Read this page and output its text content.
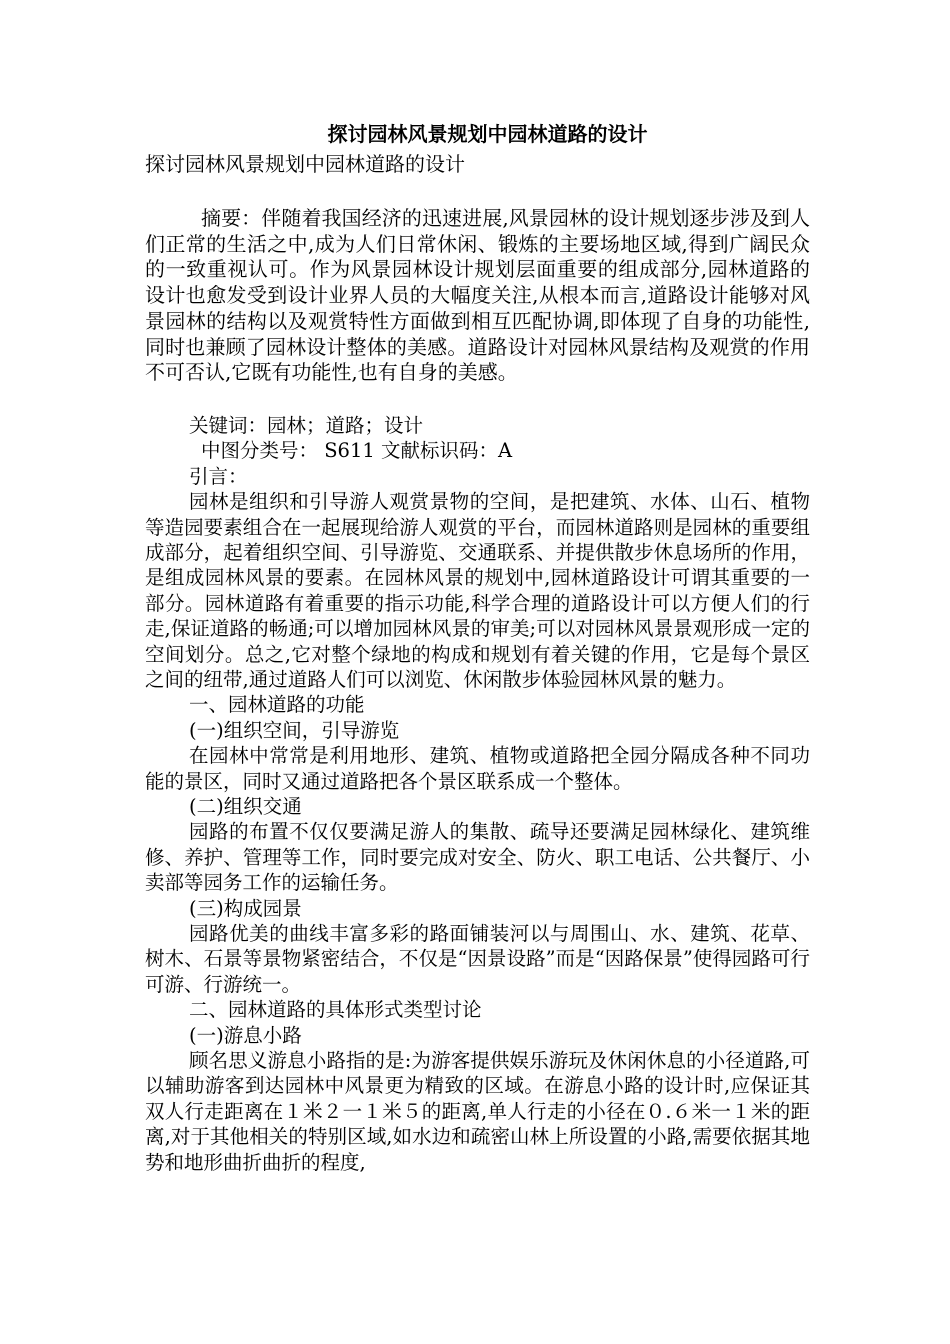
探讨园林风景规划中园林道路的设计

探讨园林风景规划中园林道路的设计

摘要：伴随着我国经济的迅速进展,风景园林的设计规划逐步涉及到人们正常的生活之中,成为人们日常休闲、锻炼的主要场地区域,得到广阔民众的一致重视认可。作为风景园林设计规划层面重要的组成部分,园林道路的设计也愈发受到设计业界人员的大幅度关注,从根本而言,道路设计能够对风景园林的结构以及观赏特性方面做到相互匹配协调,即体现了自身的功能性,同时也兼顾了园林设计整体的美感。道路设计对园林风景结构及观赏的作用不可否认,它既有功能性,也有自身的美感。

关键词：园林；道路；设计

中图分类号： S611 文献标识码：A

引言：

园林是组织和引导游人观赏景物的空间，是把建筑、水体、山石、植物等造园要素组合在一起展现给游人观赏的平台，而园林道路则是园林的重要组成部分，起着组织空间、引导游览、交通联系、并提供散步休息场所的作用，是组成园林风景的要素。在园林风景的规划中,园林道路设计可谓其重要的一部分。园林道路有着重要的指示功能,科学合理的道路设计可以方便人们的行走,保证道路的畅通;可以增加园林风景的审美;可以对园林风景景观形成一定的空间划分。总之,它对整个绿地的构成和规划有着关键的作用，它是每个景区之间的纽带,通过道路人们可以浏览、休闲散步体验园林风景的魅力。

一、园林道路的功能

(一)组织空间，引导游览

在园林中常常是利用地形、建筑、植物或道路把全园分隔成各种不同功能的景区，同时又通过道路把各个景区联系成一个整体。

(二)组织交通

园路的布置不仅仅要满足游人的集散、疏导还要满足园林绿化、建筑维修、养护、管理等工作，同时要完成对安全、防火、职工电话、公共餐厅、小卖部等园务工作的运输任务。

(三)构成园景

园路优美的曲线丰富多彩的路面铺装河以与周围山、水、建筑、花草、树木、石景等景物紧密结合，不仅是“因景设路”而是“因路保景”使得园路可行可游、行游统一。

二、园林道路的具体形式类型讨论

(一)游息小路

顾名思义游息小路指的是:为游客提供娱乐游玩及休闲休息的小径道路,可以辅助游客到达园林中风景更为精致的区域。在游息小路的设计时,应保证其双人行走距离在１米２一１米５的距离,单人行走的小径在０.６米一１米的距离,对于其他相关的特别区域,如水边和疏密山林上所设置的小路,需要依据其地势和地形曲折曲折的程度,
